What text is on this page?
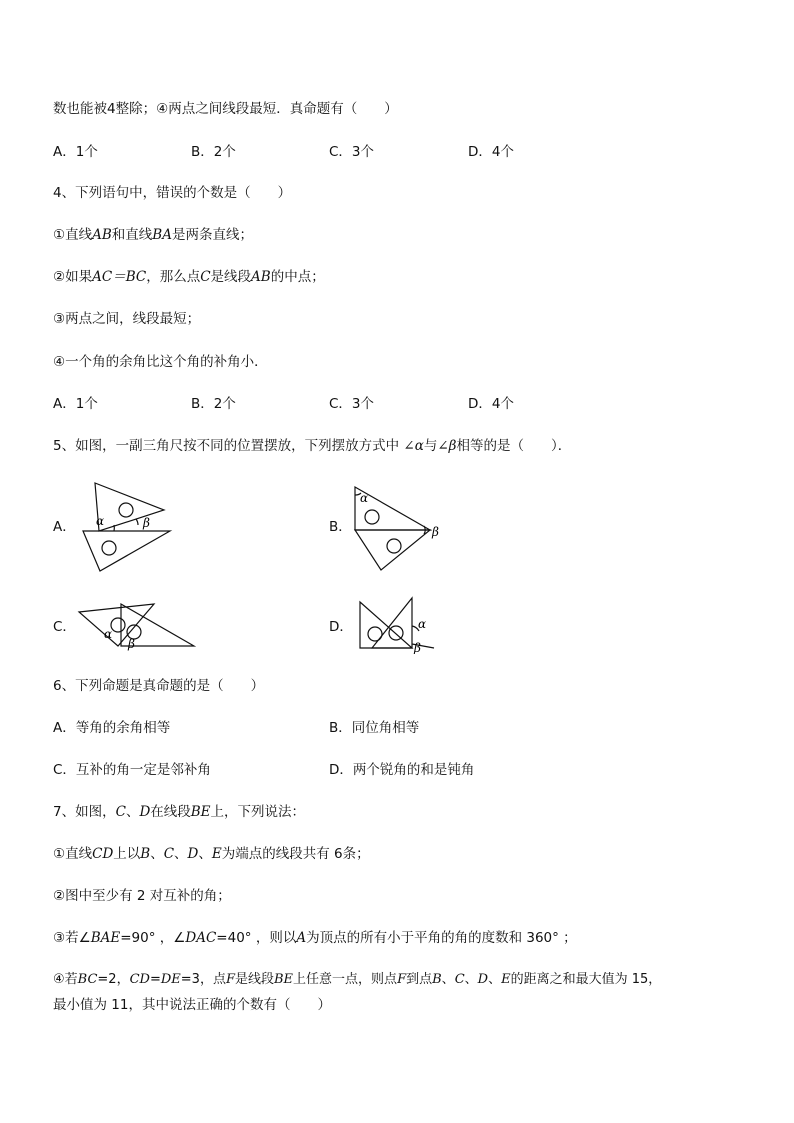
数也能被4整除；④两点之间线段最短．真命题有（　　）
A．1个	B．2个	C．3个	D．4个
4、下列语句中，错误的个数是（　　）
①直线AB和直线BA是两条直线；
②如果AC＝BC，那么点C是线段AB的中点；
③两点之间，线段最短；
④一个角的余角比这个角的补角小．
A．1个	B．2个	C．3个	D．4个
5、如图，一副三角尺按不同的位置摆放，下列摆放方式中 ∠α与∠β相等的是（　　）．
A． α	β	B．
α
β
C． α
β
D．	α
β
6、下列命题是真命题的是（　　）
A．等角的余角相等	B．同位角相等
C．互补的角一定是邻补角	D．两个锐角的和是钝角
7、如图，C、D在线段BE上，下列说法：
①直线CD上以B、C、D、E为端点的线段共有 6条；
②图中至少有 2 对互补的角；
③若∠BAE=90° ，∠DAC=40° ，则以A为顶点的所有小于平角的角的度数和 360° ；
④若BC=2，CD=DE=3，点F是线段BE上任意一点，则点F到点B、C、D、E的距离之和最大值为 15，
最小值为 11，其中说法正确的个数有（　　）
